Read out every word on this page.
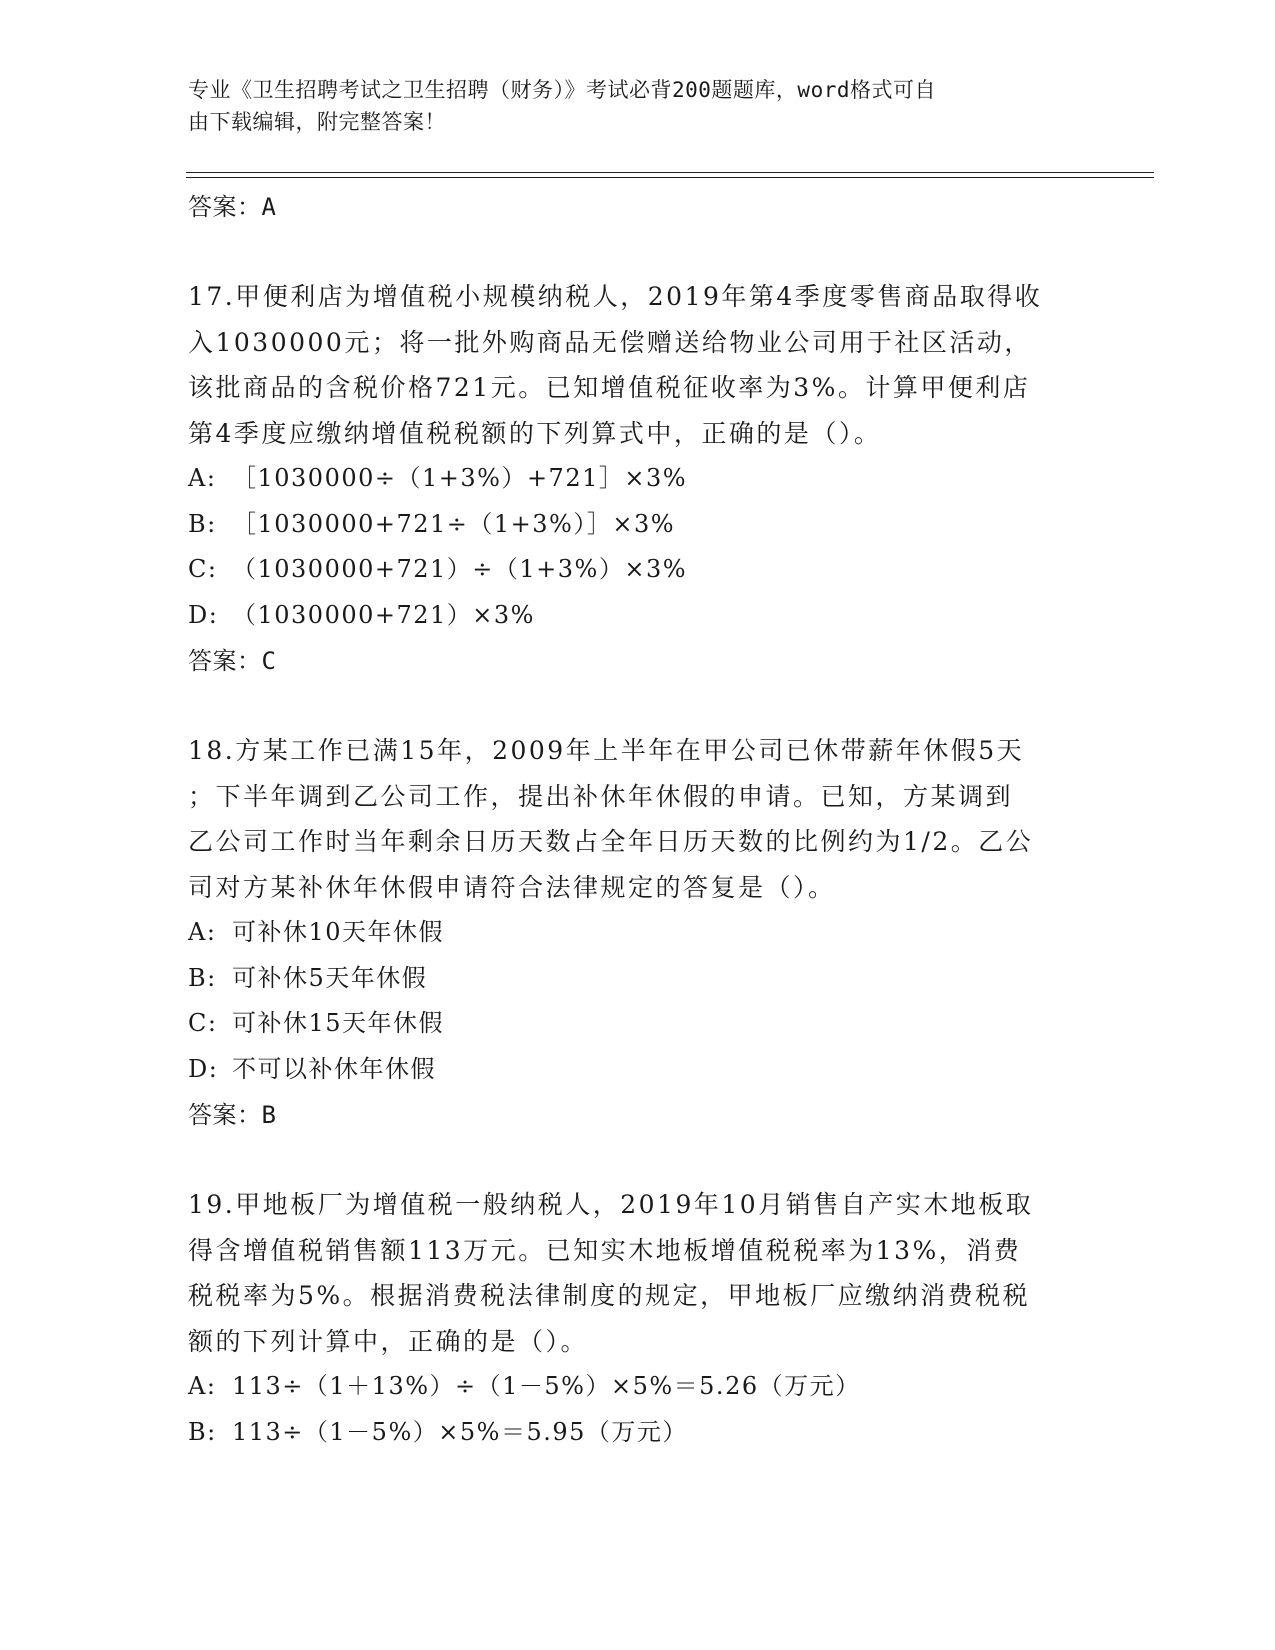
专业《卫生招聘考试之卫生招聘（财务）》考试必背200题题库，word格式可自
由下载编辑，附完整答案！
答案：A
17.甲便利店为增值税小规模纳税人，2019年第4季度零售商品取得收
入1030000元；将一批外购商品无偿赠送给物业公司用于社区活动，
该批商品的含税价格721元。已知增值税征收率为3%。计算甲便利店
第4季度应缴纳增值税税额的下列算式中，正确的是（）。
A: ［1030000÷（1+3%）+721］×3%
B: ［1030000+721÷（1+3%）］×3%
C: （1030000+721）÷（1+3%）×3%
D: （1030000+721）×3%
答案：C
18.方某工作已满15年，2009年上半年在甲公司已休带薪年休假5天
；下半年调到乙公司工作，提出补休年休假的申请。已知，方某调到
乙公司工作时当年剩余日历天数占全年日历天数的比例约为1/2。乙公
司对方某补休年休假申请符合法律规定的答复是（）。
A: 可补休10天年休假
B: 可补休5天年休假
C: 可补休15天年休假
D: 不可以补休年休假
答案：B
19.甲地板厂为增值税一般纳税人，2019年10月销售自产实木地板取
得含增值税销售额113万元。已知实木地板增值税税率为13%，消费
税税率为5%。根据消费税法律制度的规定，甲地板厂应缴纳消费税税
额的下列计算中，正确的是（）。
A: 113÷（1＋13%）÷（1－5%）×5%＝5.26（万元）
B: 113÷（1－5%）×5%＝5.95（万元）
